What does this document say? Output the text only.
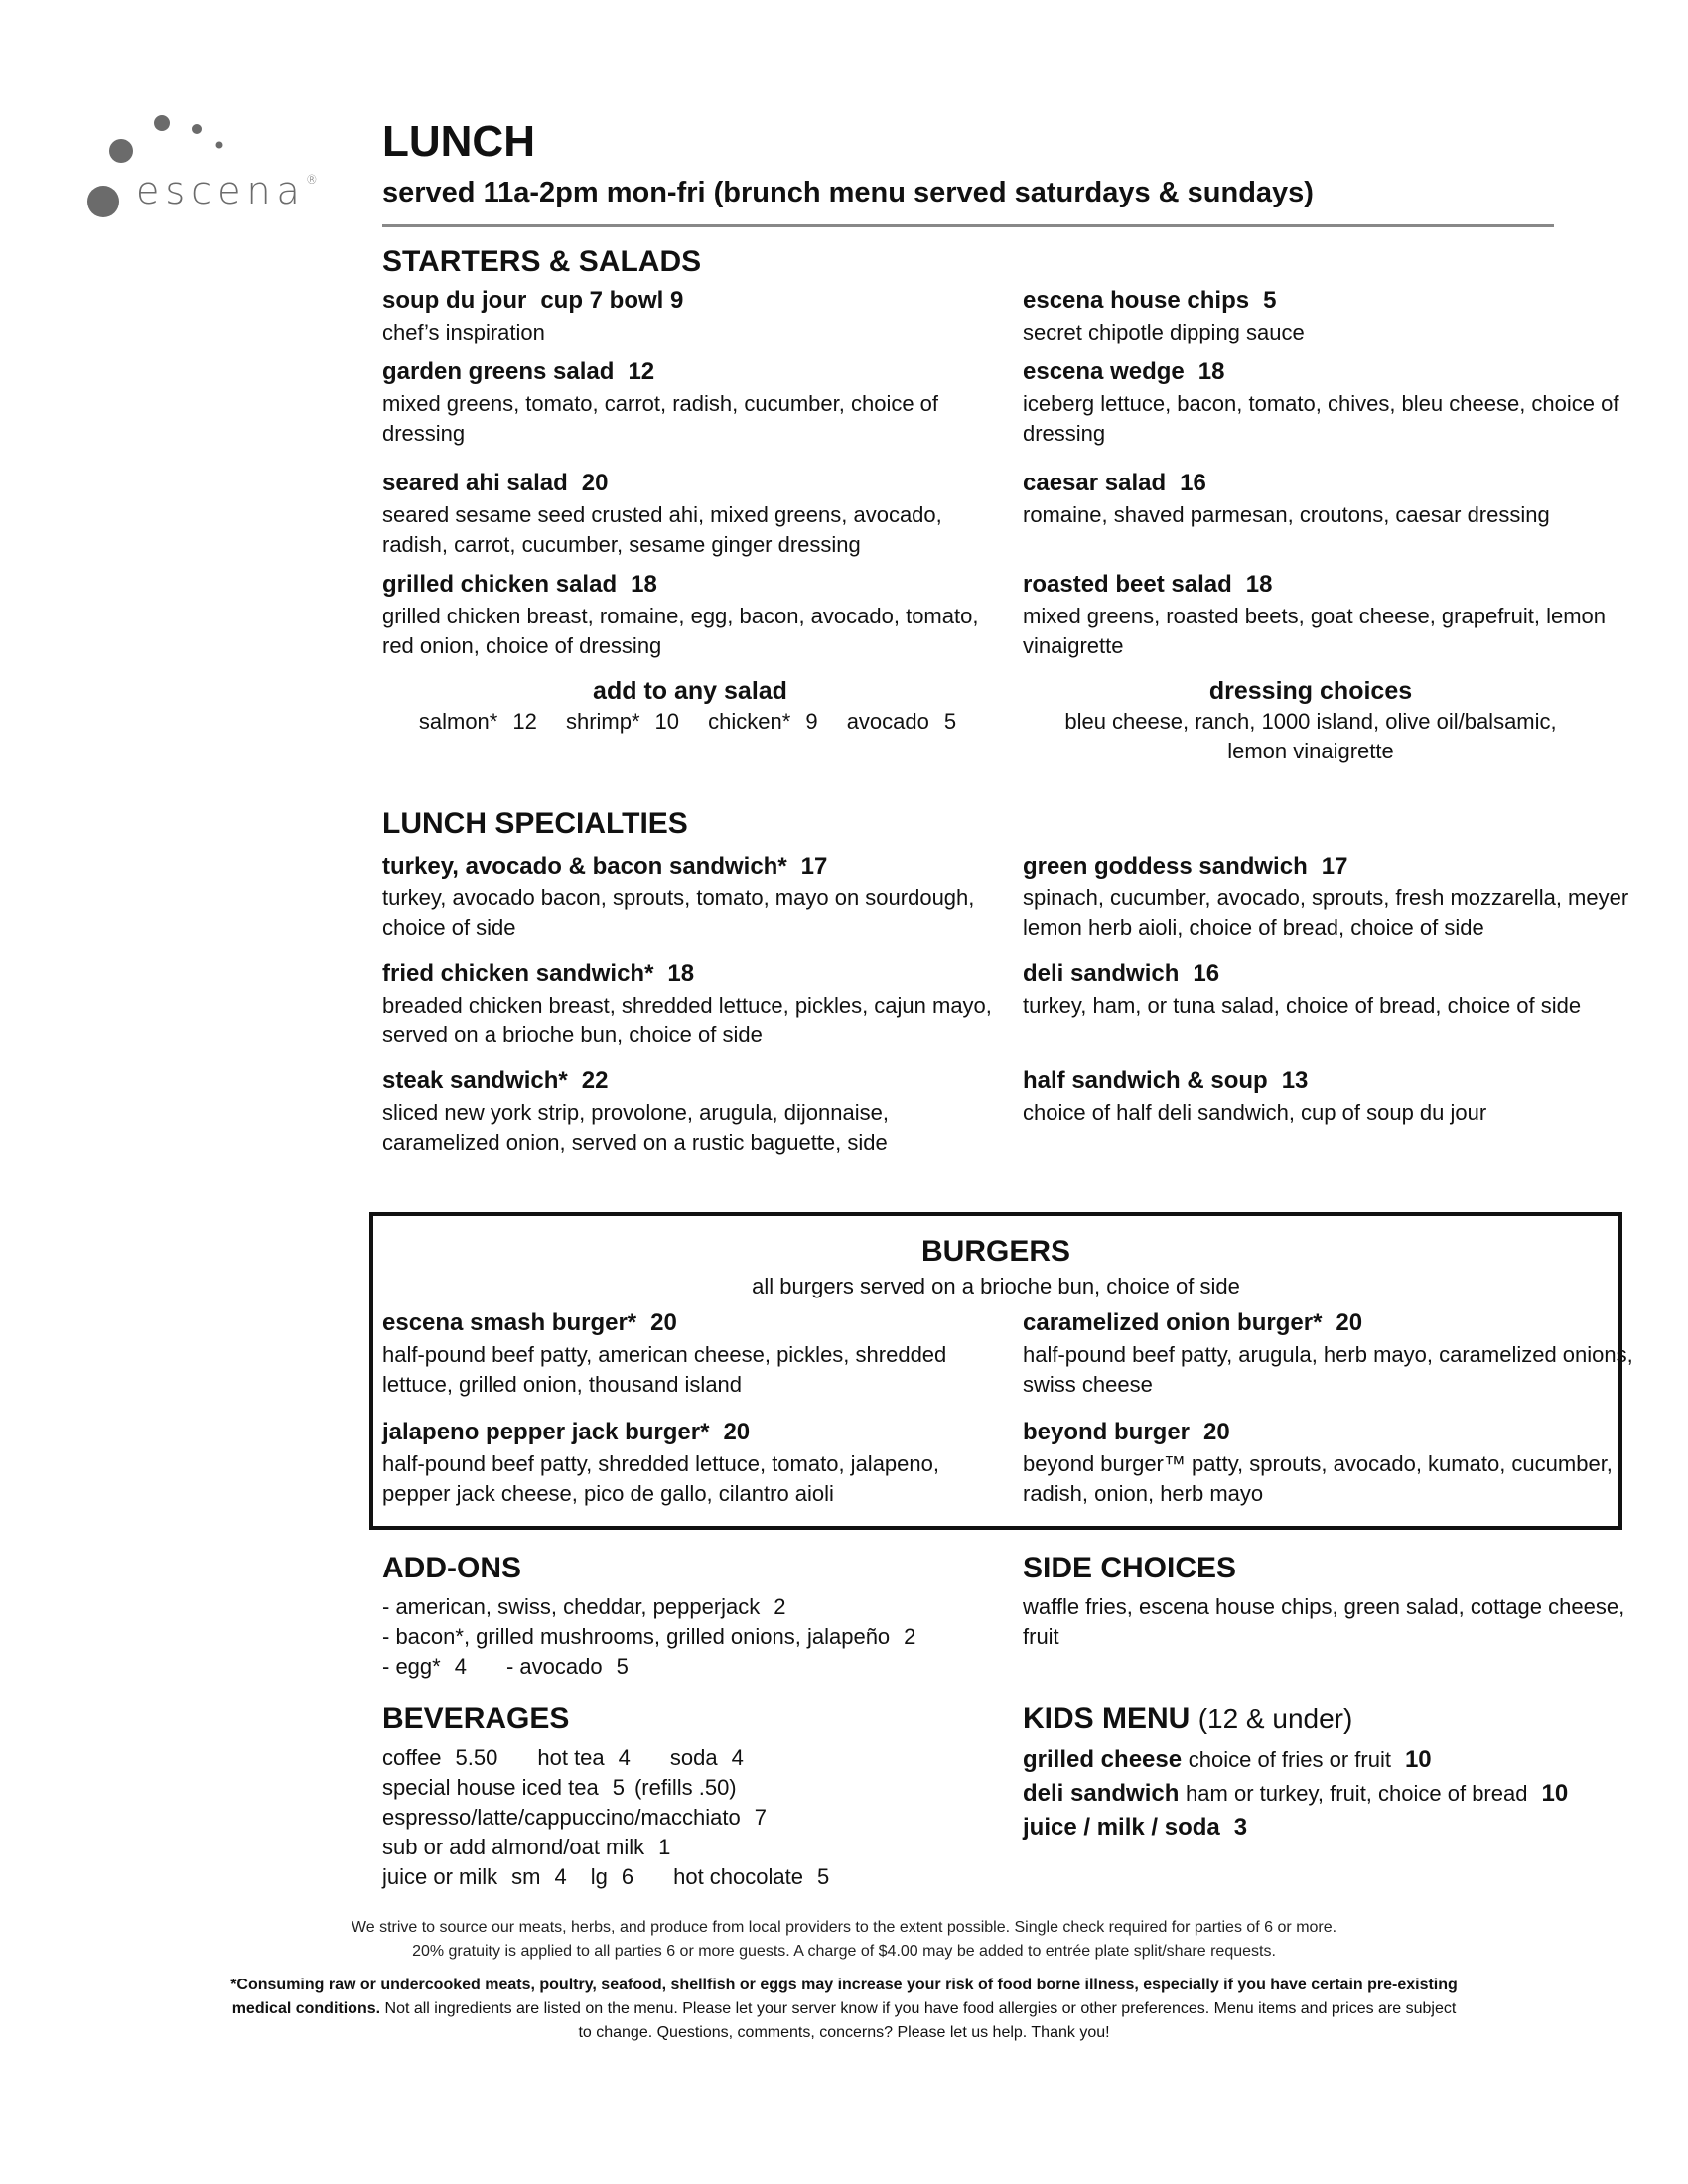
escena®
LUNCH
served 11a-2pm mon-fri (brunch menu served saturdays & sundays)
STARTERS & SALADS
soup du jour cup 7 bowl 9
chef’s inspiration
garden greens salad 12
mixed greens, tomato, carrot, radish, cucumber, choice of dressing
seared ahi salad 20
seared sesame seed crusted ahi, mixed greens, avocado, radish, carrot, cucumber, sesame ginger dressing
grilled chicken salad 18
grilled chicken breast, romaine, egg, bacon, avocado, tomato, red onion, choice of dressing
escena house chips 5
secret chipotle dipping sauce
escena wedge 18
iceberg lettuce, bacon, tomato, chives, bleu cheese, choice of dressing
caesar salad 16
romaine, shaved parmesan, croutons, caesar dressing
roasted beet salad 18
mixed greens, roasted beets, goat cheese, grapefruit, lemon vinaigrette
add to any salad
salmon* 12 shrimp* 10 chicken* 9 avocado 5
dressing choices
bleu cheese, ranch, 1000 island, olive oil/balsamic, lemon vinaigrette
LUNCH SPECIALTIES
turkey, avocado & bacon sandwich* 17
turkey, avocado bacon, sprouts, tomato, mayo on sourdough, choice of side
fried chicken sandwich* 18
breaded chicken breast, shredded lettuce, pickles, cajun mayo, served on a brioche bun, choice of side
steak sandwich* 22
sliced new york strip, provolone, arugula, dijonnaise, caramelized onion, served on a rustic baguette, side
green goddess sandwich 17
spinach, cucumber, avocado, sprouts, fresh mozzarella, meyer lemon herb aioli, choice of bread, choice of side
deli sandwich 16
turkey, ham, or tuna salad, choice of bread, choice of side
half sandwich & soup 13
choice of half deli sandwich, cup of soup du jour
BURGERS
all burgers served on a brioche bun, choice of side
escena smash burger* 20
half-pound beef patty, american cheese, pickles, shredded lettuce, grilled onion, thousand island
jalapeno pepper jack burger* 20
half-pound beef patty, shredded lettuce, tomato, jalapeno, pepper jack cheese, pico de gallo, cilantro aioli
caramelized onion burger* 20
half-pound beef patty, arugula, herb mayo, caramelized onions, swiss cheese
beyond burger 20
beyond burger™ patty, sprouts, avocado, kumato, cucumber, radish, onion, herb mayo
ADD-ONS
- american, swiss, cheddar, pepperjack 2
- bacon*, grilled mushrooms, grilled onions, jalapeño 2
- egg* 4 - avocado 5
SIDE CHOICES
waffle fries, escena house chips, green salad, cottage cheese, fruit
BEVERAGES
coffee 5.50 hot tea 4 soda 4
special house iced tea 5 (refills .50)
espresso/latte/cappuccino/macchiato 7
sub or add almond/oat milk 1
juice or milk sm 4 lg 6 hot chocolate 5
KIDS MENU (12 & under)
grilled cheese choice of fries or fruit 10
deli sandwich ham or turkey, fruit, choice of bread 10
juice / milk / soda 3
We strive to source our meats, herbs, and produce from local providers to the extent possible. Single check required for parties of 6 or more.
20% gratuity is applied to all parties 6 or more guests. A charge of $4.00 may be added to entrée plate split/share requests.
*Consuming raw or undercooked meats, poultry, seafood, shellfish or eggs may increase your risk of food borne illness, especially if you have certain pre-existing medical conditions. Not all ingredients are listed on the menu. Please let your server know if you have food allergies or other preferences. Menu items and prices are subject to change. Questions, comments, concerns? Please let us help. Thank you!
